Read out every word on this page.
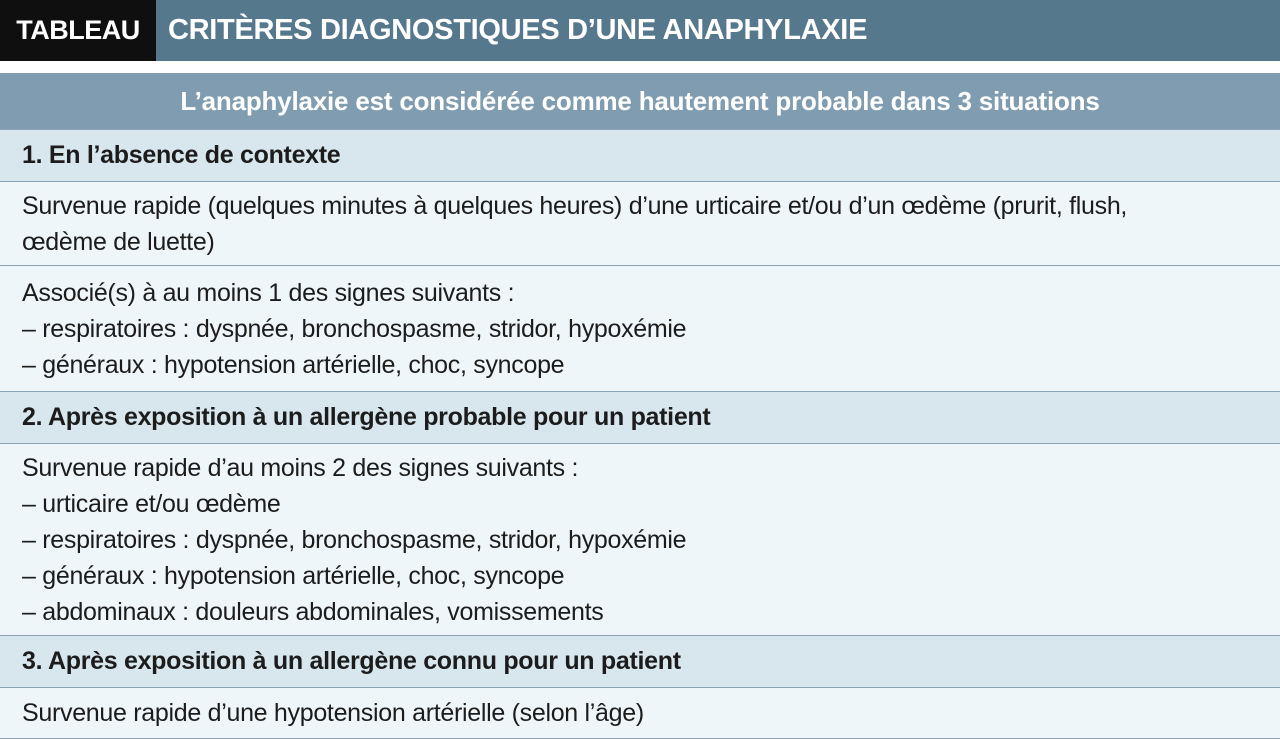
TABLEAU CRITÈRES DIAGNOSTIQUES D’UNE ANAPHYLAXIE
L’anaphylaxie est considérée comme hautement probable dans 3 situations
1. En l’absence de contexte

Survenue rapide (quelques minutes à quelques heures) d’une urticaire et/ou d’un œdème (prurit, flush,
œdème de luette)

Associé(s) à au moins 1 des signes suivants :
– respiratoires : dyspnée, bronchospasme, stridor, hypoxémie
– généraux : hypotension artérielle, choc, syncope

2. Après exposition à un allergène probable pour un patient

Survenue rapide d’au moins 2 des signes suivants :
– urticaire et/ou œdème
– respiratoires : dyspnée, bronchospasme, stridor, hypoxémie
– généraux : hypotension artérielle, choc, syncope
– abdominaux : douleurs abdominales, vomissements

3. Après exposition à un allergène connu pour un patient

Survenue rapide d’une hypotension artérielle (selon l’âge)
